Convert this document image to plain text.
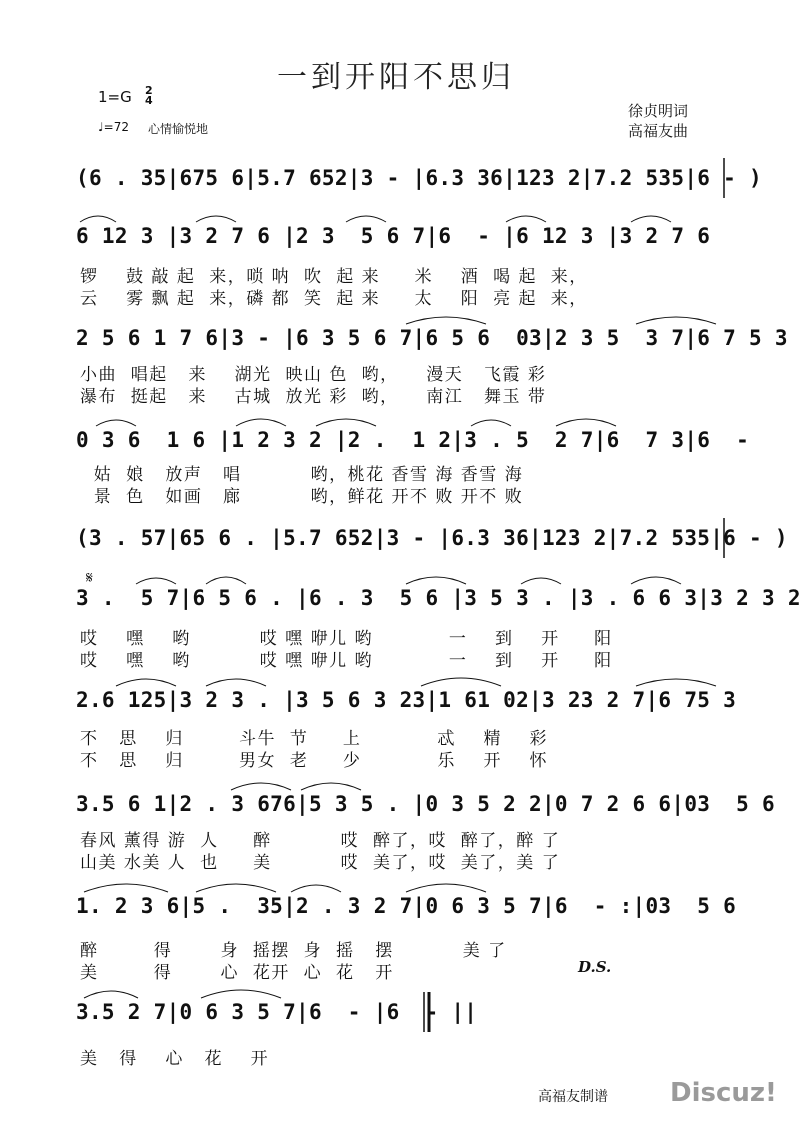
一到开阳不思归
1=G 2
4
♩=72 心情愉悦地
徐贞明词
高福友曲
(6 . 35|675 6|5.7 652|3 - |6.3 36|123 2|7.2 535|6 - )
6 12 3 |3 2 7 6 |2 3  5 6 7|6  - |6 12 3 |3 2 7 6
锣    鼓 敲 起  来，唢 呐  吹  起 来     米    酒  喝 起  来，
云    雾 飘 起  来，磷 都  笑  起 来     太    阳  亮 起  来，
2 5 6 1 7 6|3 - |6 3 5 6 7|6 5 6  03|2 3 5  3 7|6 7 5 3
小曲  唱起   来    湖光  映山 色  哟，    漫天   飞霞 彩
瀑布  挺起   来    古城  放光 彩  哟，    南江   舞玉 带
0 3 6  1 6 |1 2 3 2 |2 .  1 2|3 . 5  2 7|6  7 3|6  -
姑  娘   放声   唱          哟，桃花 香雪 海 香雪 海
景  色   如画   廊          哟，鲜花 开不 败 开不 败
(3 . 57|65 6 . |5.7 652|3 - |6.3 36|123 2|7.2 535|6 - )
𝄋
3 .  5 7|6 5 6 . |6 . 3  5 6 |3 5 3 . |3 . 6 6 3|3 2 3 2
哎    嘿    哟          哎 嘿 咿儿 哟           一    到    开     阳
哎    嘿    哟          哎 嘿 咿儿 哟           一    到    开     阳
2.6 125|3 2 3 . |3 5 6 3 23|1 61 02|3 23 2 7|6 75 3
不   思    归        斗牛  节     上           忒    精    彩
不   思    归        男女  老     少           乐    开    怀
3.5 6 1|2 . 3 676|5 3 5 . |0 3 5 2 2|0 7 2 6 6|03  5 6
春风 薰得 游  人     醉          哎  醉了，哎  醉了，醉 了
山美 水美 人  也     美          哎  美了，哎  美了，美 了
1. 2 3 6|5 .  35|2 . 3 2 7|0 6 3 5 7|6  - :|03  5 6
醉        得       身  摇摆  身  摇   摆          美 了
美        得       心  花开  心  花   开	D.S.
3.5 2 7|0 6 3 5 7|6  - |6  - ||
美   得    心   花    开
高福友制谱 Discuz!
